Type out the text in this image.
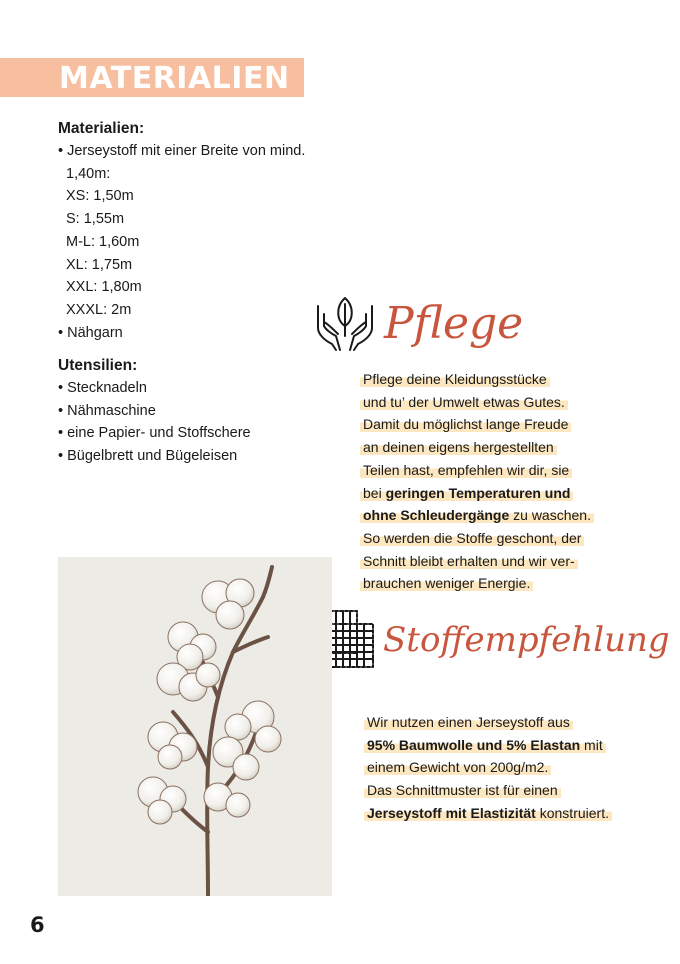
MATERIALIEN

Materialien:

• Jerseystoff mit einer Breite von mind.
1,40m:
XS: 1,50m
S: 1,55m
M-L: 1,60m
XL: 1,75m
XXL: 1,80m
XXXL: 2m
• Nähgarn

Utensilien:

• Stecknadeln
• Nähmaschine
• eine Papier- und Stoffschere
• Bügelbrett und Bügeleisen
Pflege
Pflege deine Kleidungsstücke
und tu’ der Umwelt etwas Gutes.
Damit du möglichst lange Freude
an deinen eigens hergestellten
Teilen hast, empfehlen wir dir, sie
bei geringen Temperaturen und
ohne Schleudergänge zu waschen.
So werden die Stoffe geschont, der
Schnitt bleibt erhalten und wir ver-
brauchen weniger Energie.
Stoffempfehlung
Wir nutzen einen Jerseystoff aus
95% Baumwolle und 5% Elastan mit
einem Gewicht von 200g/m2.
Das Schnittmuster ist für einen
Jerseystoff mit Elastizität konstruiert.
6
